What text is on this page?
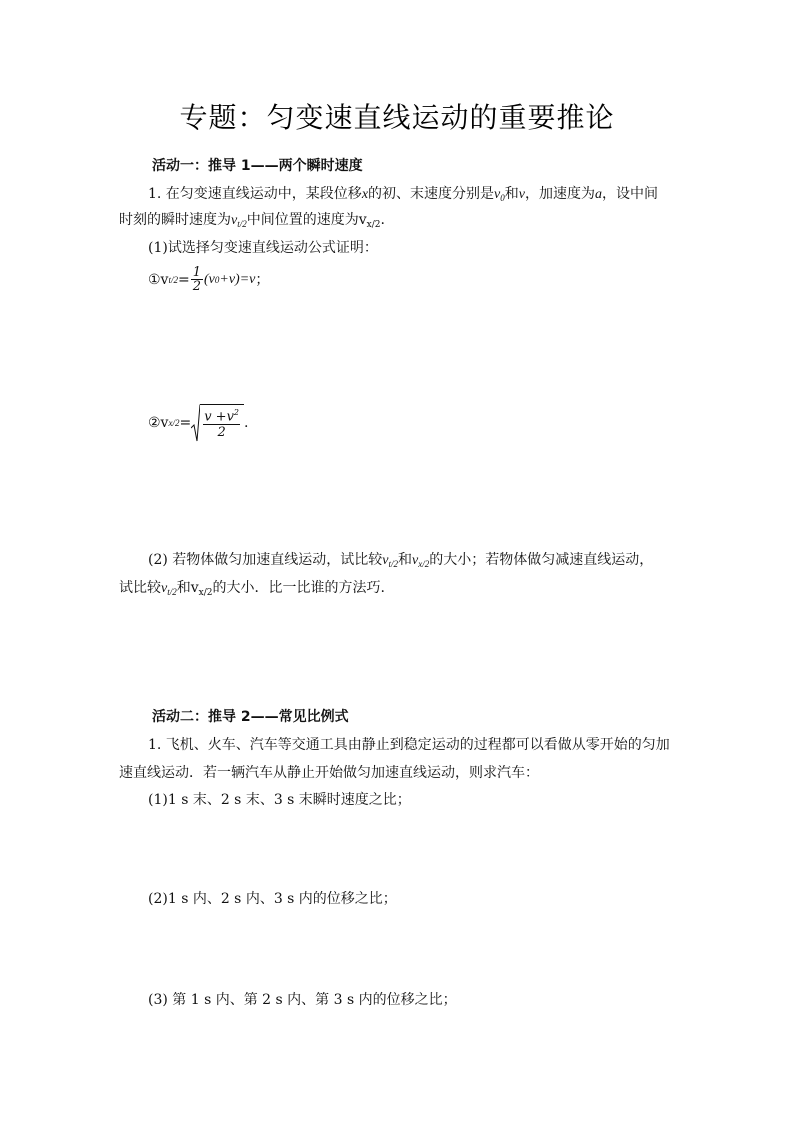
专题：匀变速直线运动的重要推论
活动一：推导 1——两个瞬时速度
1. 在匀变速直线运动中，某段位移x的初、末速度分别是$v_0$和v，加速度为a，设中间
时刻的瞬时速度为$v_{t/2}$中间位置的速度为$v_{x/2}$.
(1)试选择匀变速直线运动公式证明：
①v $t/2 = \frac{1}{2} (v$ 0 +v)=v ；
②v $x/2 = \frac{v +v^2}{2}$ .
(2) 若物体做匀加速直线运动，试比较$v_{t/2}$和$v_{x/2}$的大小；若物体做匀减速直线运动，
试比较$v_{t/2}$和$v_{x/2}$的大小．比一比谁的方法巧.
活动二：推导 2——常见比例式
1. 飞机、火车、汽车等交通工具由静止到稳定运动的过程都可以看做从零开始的匀加
速直线运动．若一辆汽车从静止开始做匀加速直线运动，则求汽车：
(1)1 s 末、2 s 末、3 s 末瞬时速度之比；
(2)1 s 内、2 s 内、3 s 内的位移之比；
(3) 第 1 s 内、第 2 s 内、第 3 s 内的位移之比；
